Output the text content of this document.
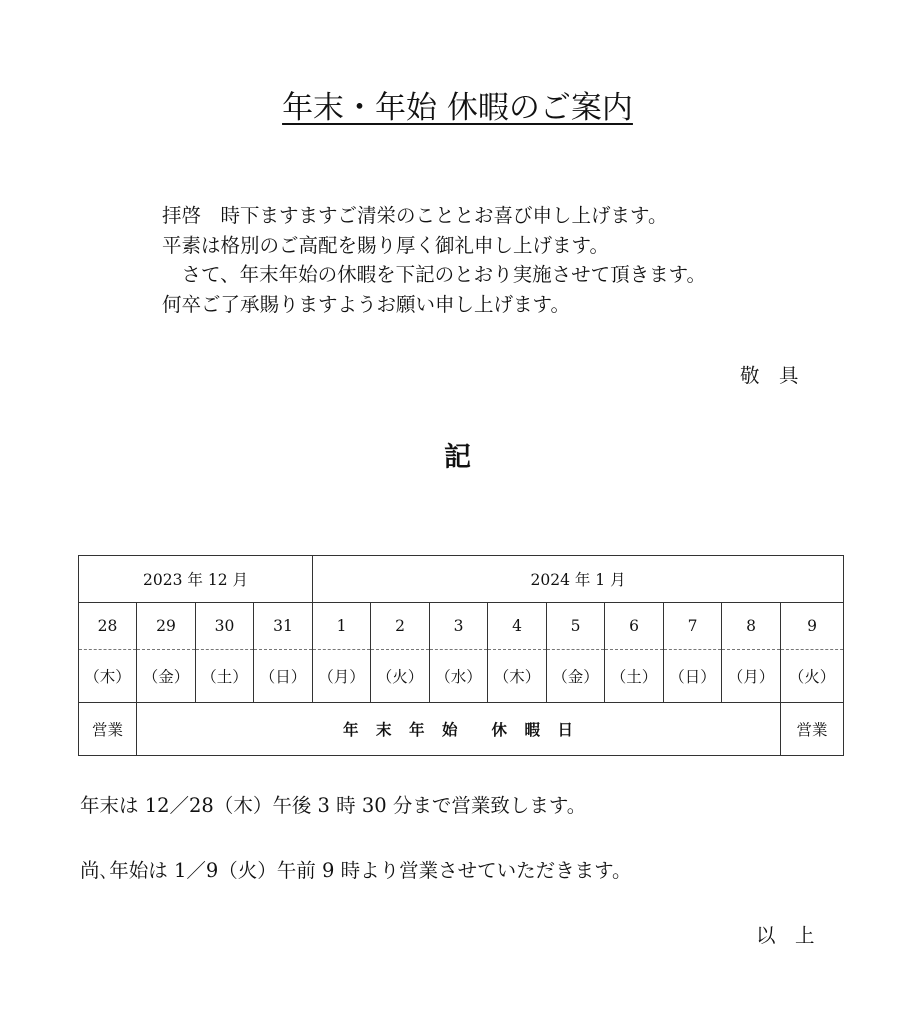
年末・年始 休暇のご案内
拝啓　時下ますますご清栄のこととお喜び申し上げます。
平素は格別のご高配を賜り厚く御礼申し上げます。
　さて、年末年始の休暇を下記のとおり実施させて頂きます。
何卒ご了承賜りますようお願い申し上げます。
敬　具
記
2023 年 12 月				2024 年 1 月								
28	29	30	31	1	2	3	4	5	6	7	8	9
（木）	（金）	（土）	（日）	（月）	（火）	（水）	（木）	（金）	（土）	（日）	（月）	（火）
営業	年　末　年　始　　休　暇　日											営業
年末は 12／28（木）午後 3 時 30 分まで営業致します。
尚､年始は 1／9（火）午前 9 時より営業させていただきます。
以　上
